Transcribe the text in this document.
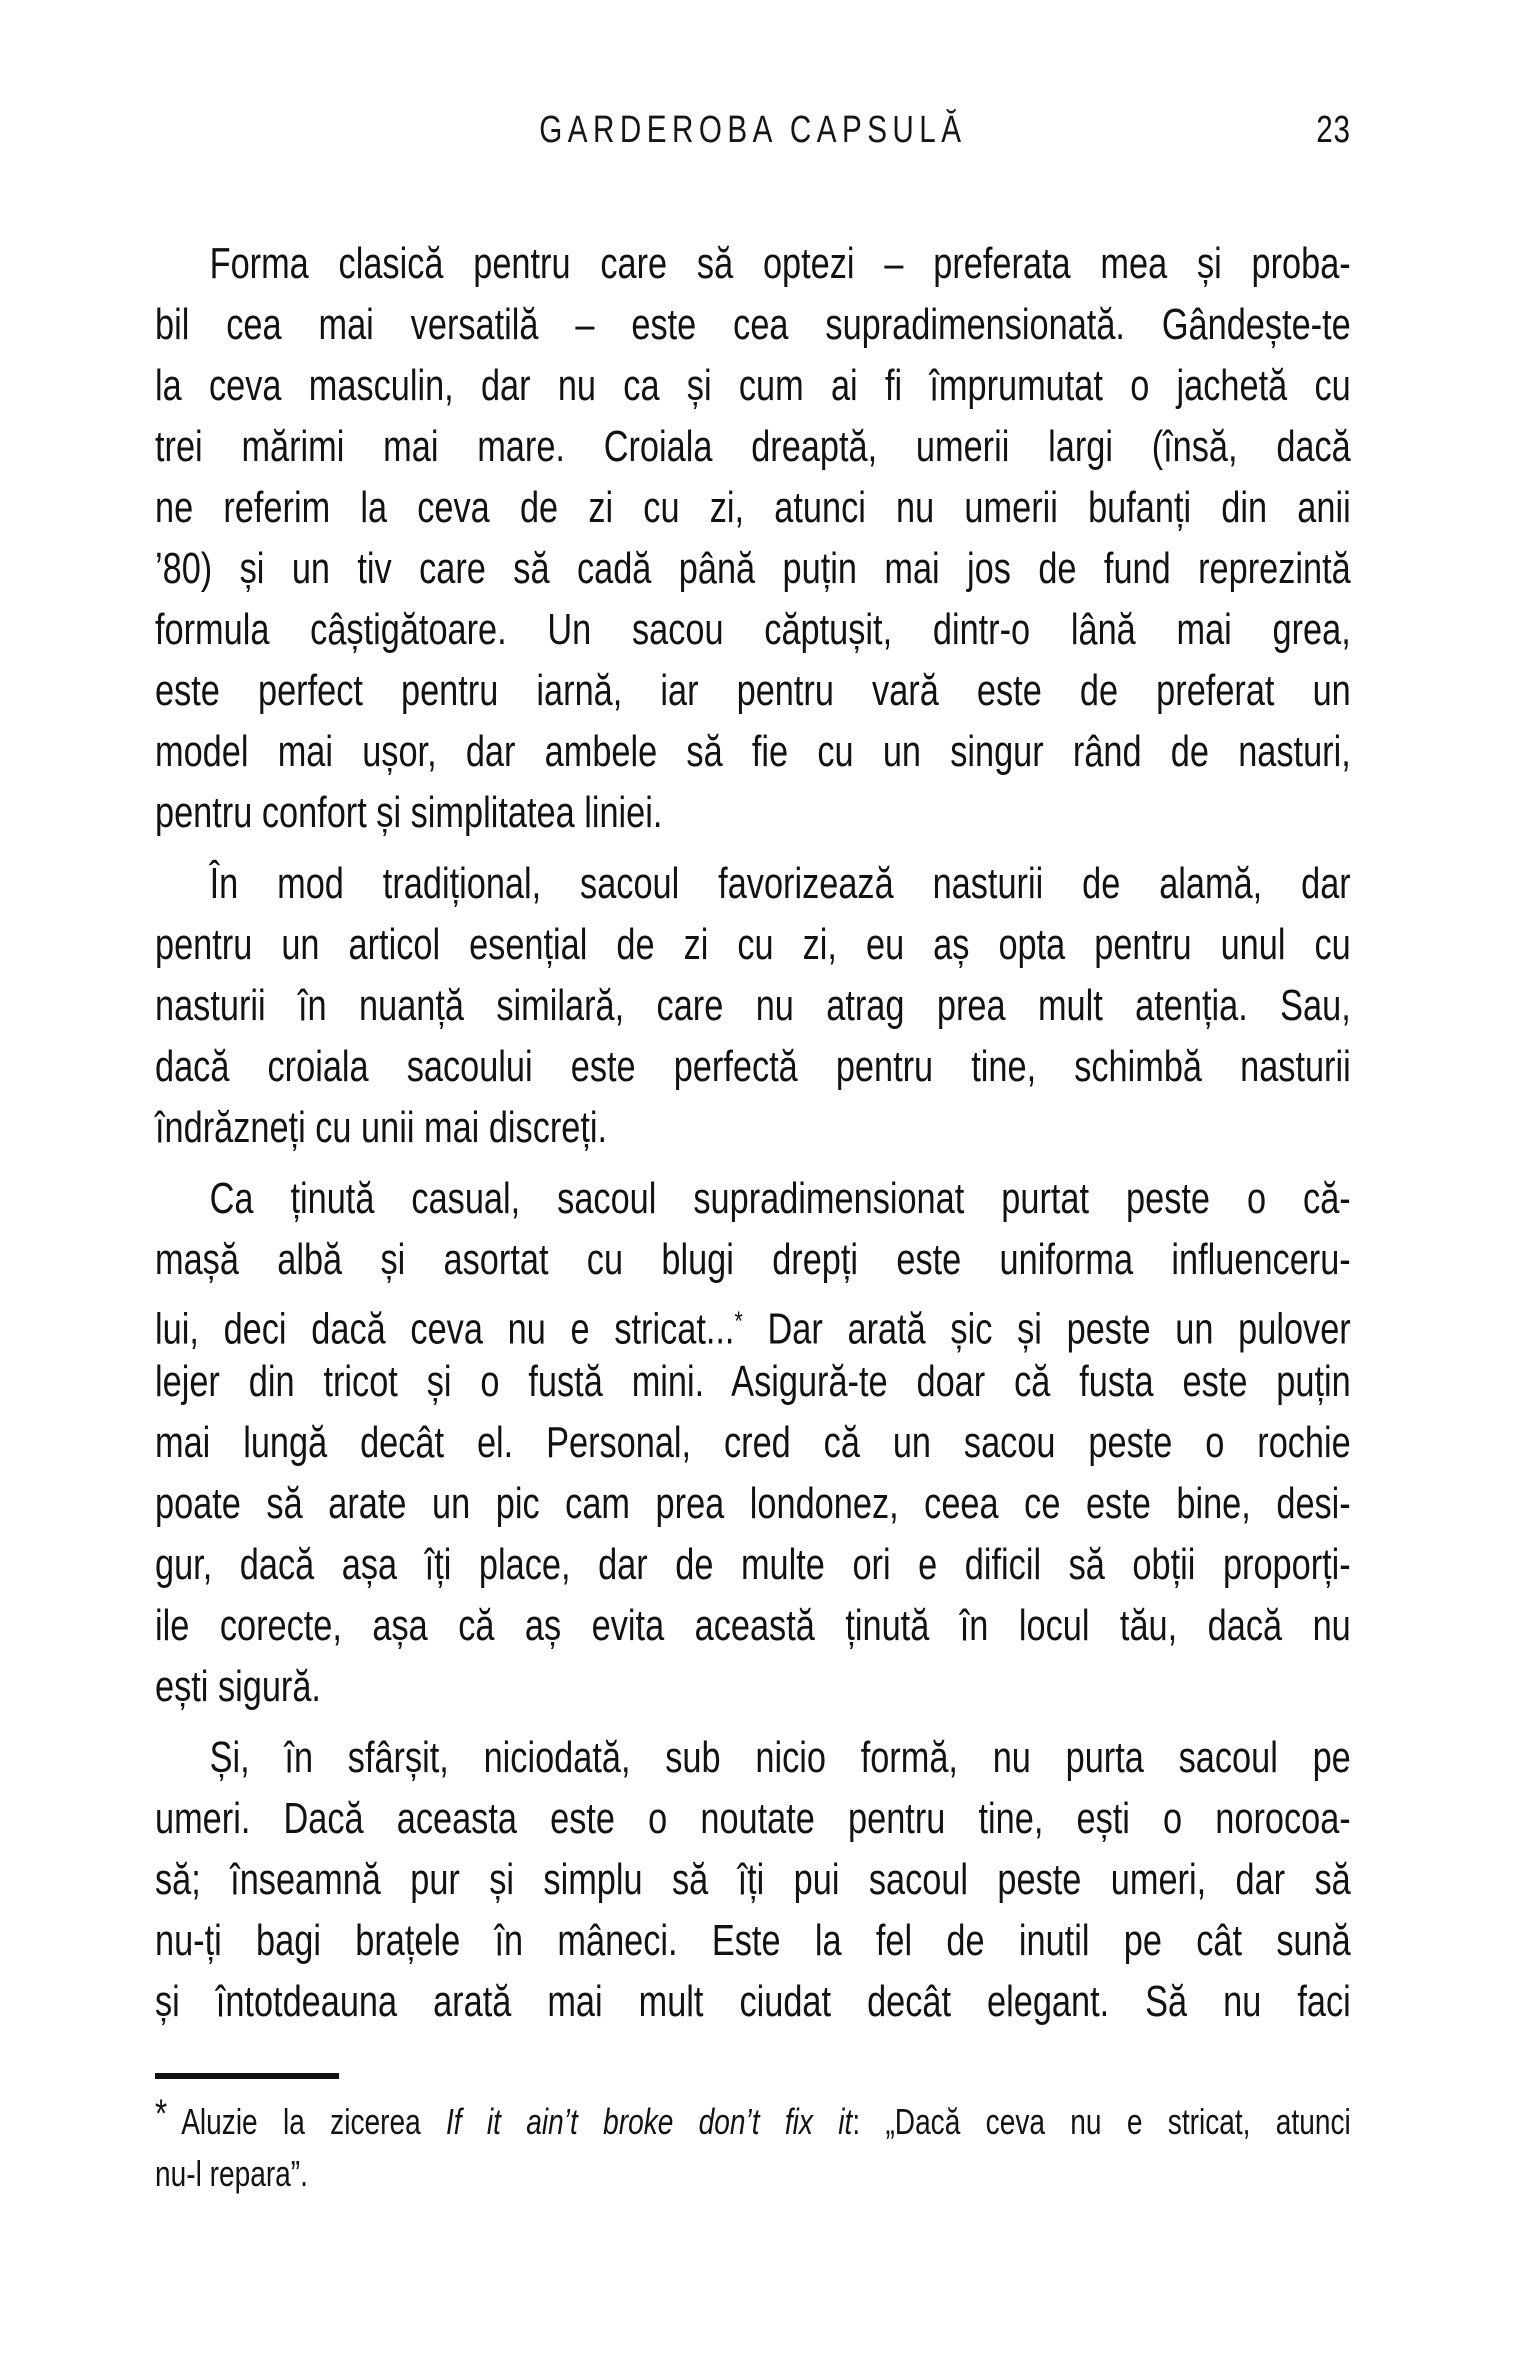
GARDEROBA CAPSULĂ	23
Forma clasică pentru care să optezi – preferata mea și proba-
bil cea mai versatilă – este cea supradimensionată. Gândește-te
la ceva masculin, dar nu ca și cum ai fi împrumutat o jachetă cu
trei mărimi mai mare. Croiala dreaptă, umerii largi (însă, dacă
ne referim la ceva de zi cu zi, atunci nu umerii bufanți din anii
’80) și un tiv care să cadă până puțin mai jos de fund reprezintă
formula câștigătoare. Un sacou căptușit, dintr-o lână mai grea,
este perfect pentru iarnă, iar pentru vară este de preferat un
model mai ușor, dar ambele să fie cu un singur rând de nasturi,
pentru confort și simplitatea liniei.
În mod tradițional, sacoul favorizează nasturii de alamă, dar
pentru un articol esențial de zi cu zi, eu aș opta pentru unul cu
nasturii în nuanță similară, care nu atrag prea mult atenția. Sau,
dacă croiala sacoului este perfectă pentru tine, schimbă nasturii
îndrăzneți cu unii mai discreți.
Ca ținută casual, sacoul supradimensionat purtat peste o că-
mașă albă și asortat cu blugi drepți este uniforma influenceru-
lui, deci dacă ceva nu e stricat...* Dar arată șic și peste un pulover
lejer din tricot și o fustă mini. Asigură-te doar că fusta este puțin
mai lungă decât el. Personal, cred că un sacou peste o rochie
poate să arate un pic cam prea londonez, ceea ce este bine, desi-
gur, dacă așa îți place, dar de multe ori e dificil să obții proporți-
ile corecte, așa că aș evita această ținută în locul tău, dacă nu
ești sigură.
Și, în sfârșit, niciodată, sub nicio formă, nu purta sacoul pe
umeri. Dacă aceasta este o noutate pentru tine, ești o norocoa-
să; înseamnă pur și simplu să îți pui sacoul peste umeri, dar să
nu-ți bagi brațele în mâneci. Este la fel de inutil pe cât sună
și întotdeauna arată mai mult ciudat decât elegant. Să nu faci
* Aluzie la zicerea If it ain’t broke don’t fix it: „Dacă ceva nu e stricat, atunci
nu-l repara”.
